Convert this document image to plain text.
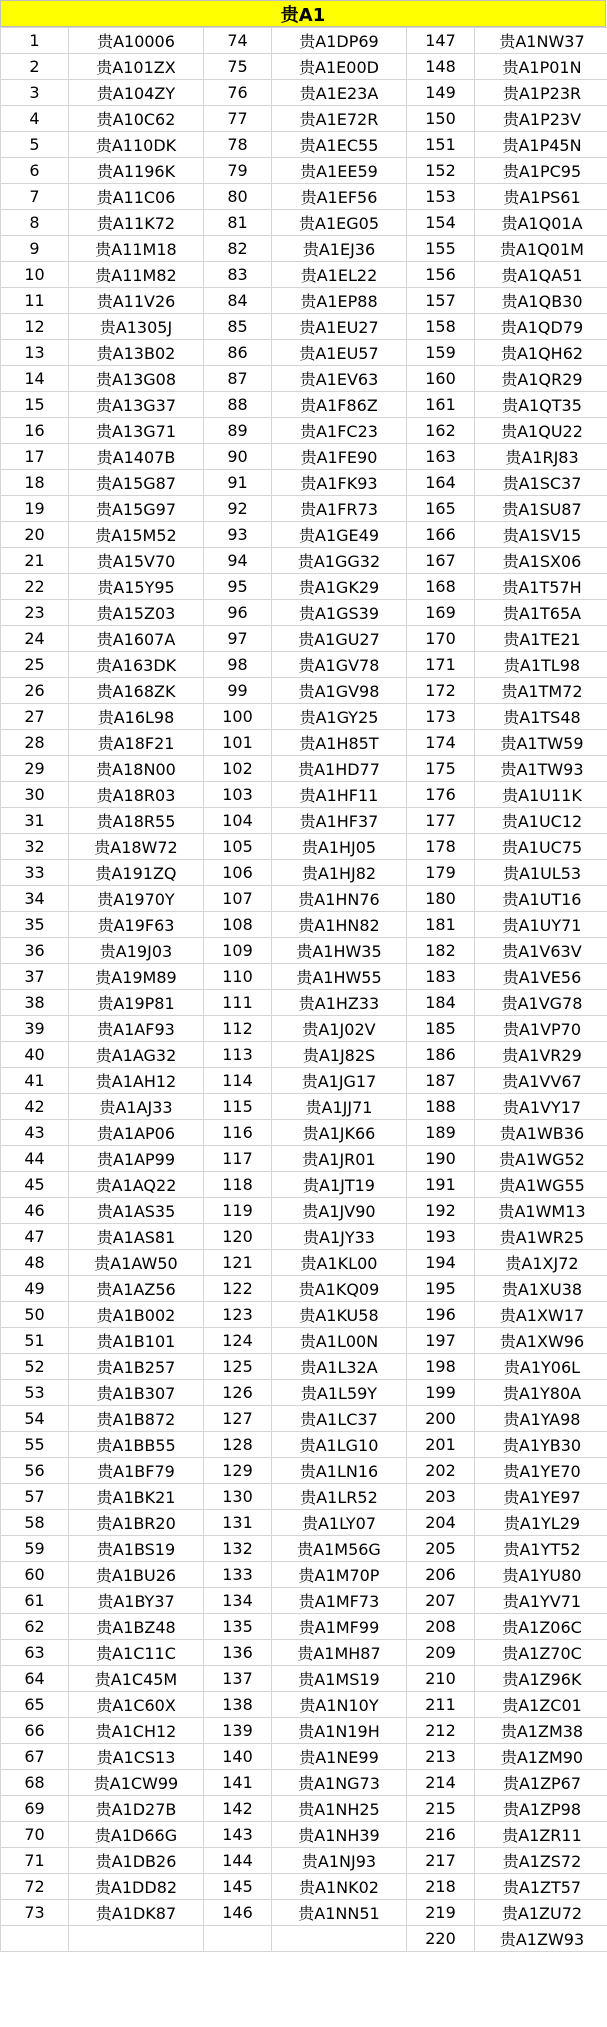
贵A1
1	贵A10006	74	贵A1DP69	147	贵A1NW37
2	贵A101ZX	75	贵A1E00D	148	贵A1P01N
3	贵A104ZY	76	贵A1E23A	149	贵A1P23R
4	贵A10C62	77	贵A1E72R	150	贵A1P23V
5	贵A110DK	78	贵A1EC55	151	贵A1P45N
6	贵A1196K	79	贵A1EE59	152	贵A1PC95
7	贵A11C06	80	贵A1EF56	153	贵A1PS61
8	贵A11K72	81	贵A1EG05	154	贵A1Q01A
9	贵A11M18	82	贵A1EJ36	155	贵A1Q01M
10	贵A11M82	83	贵A1EL22	156	贵A1QA51
11	贵A11V26	84	贵A1EP88	157	贵A1QB30
12	贵A1305J	85	贵A1EU27	158	贵A1QD79
13	贵A13B02	86	贵A1EU57	159	贵A1QH62
14	贵A13G08	87	贵A1EV63	160	贵A1QR29
15	贵A13G37	88	贵A1F86Z	161	贵A1QT35
16	贵A13G71	89	贵A1FC23	162	贵A1QU22
17	贵A1407B	90	贵A1FE90	163	贵A1RJ83
18	贵A15G87	91	贵A1FK93	164	贵A1SC37
19	贵A15G97	92	贵A1FR73	165	贵A1SU87
20	贵A15M52	93	贵A1GE49	166	贵A1SV15
21	贵A15V70	94	贵A1GG32	167	贵A1SX06
22	贵A15Y95	95	贵A1GK29	168	贵A1T57H
23	贵A15Z03	96	贵A1GS39	169	贵A1T65A
24	贵A1607A	97	贵A1GU27	170	贵A1TE21
25	贵A163DK	98	贵A1GV78	171	贵A1TL98
26	贵A168ZK	99	贵A1GV98	172	贵A1TM72
27	贵A16L98	100	贵A1GY25	173	贵A1TS48
28	贵A18F21	101	贵A1H85T	174	贵A1TW59
29	贵A18N00	102	贵A1HD77	175	贵A1TW93
30	贵A18R03	103	贵A1HF11	176	贵A1U11K
31	贵A18R55	104	贵A1HF37	177	贵A1UC12
32	贵A18W72	105	贵A1HJ05	178	贵A1UC75
33	贵A191ZQ	106	贵A1HJ82	179	贵A1UL53
34	贵A1970Y	107	贵A1HN76	180	贵A1UT16
35	贵A19F63	108	贵A1HN82	181	贵A1UY71
36	贵A19J03	109	贵A1HW35	182	贵A1V63V
37	贵A19M89	110	贵A1HW55	183	贵A1VE56
38	贵A19P81	111	贵A1HZ33	184	贵A1VG78
39	贵A1AF93	112	贵A1J02V	185	贵A1VP70
40	贵A1AG32	113	贵A1J82S	186	贵A1VR29
41	贵A1AH12	114	贵A1JG17	187	贵A1VV67
42	贵A1AJ33	115	贵A1JJ71	188	贵A1VY17
43	贵A1AP06	116	贵A1JK66	189	贵A1WB36
44	贵A1AP99	117	贵A1JR01	190	贵A1WG52
45	贵A1AQ22	118	贵A1JT19	191	贵A1WG55
46	贵A1AS35	119	贵A1JV90	192	贵A1WM13
47	贵A1AS81	120	贵A1JY33	193	贵A1WR25
48	贵A1AW50	121	贵A1KL00	194	贵A1XJ72
49	贵A1AZ56	122	贵A1KQ09	195	贵A1XU38
50	贵A1B002	123	贵A1KU58	196	贵A1XW17
51	贵A1B101	124	贵A1L00N	197	贵A1XW96
52	贵A1B257	125	贵A1L32A	198	贵A1Y06L
53	贵A1B307	126	贵A1L59Y	199	贵A1Y80A
54	贵A1B872	127	贵A1LC37	200	贵A1YA98
55	贵A1BB55	128	贵A1LG10	201	贵A1YB30
56	贵A1BF79	129	贵A1LN16	202	贵A1YE70
57	贵A1BK21	130	贵A1LR52	203	贵A1YE97
58	贵A1BR20	131	贵A1LY07	204	贵A1YL29
59	贵A1BS19	132	贵A1M56G	205	贵A1YT52
60	贵A1BU26	133	贵A1M70P	206	贵A1YU80
61	贵A1BY37	134	贵A1MF73	207	贵A1YV71
62	贵A1BZ48	135	贵A1MF99	208	贵A1Z06C
63	贵A1C11C	136	贵A1MH87	209	贵A1Z70C
64	贵A1C45M	137	贵A1MS19	210	贵A1Z96K
65	贵A1C60X	138	贵A1N10Y	211	贵A1ZC01
66	贵A1CH12	139	贵A1N19H	212	贵A1ZM38
67	贵A1CS13	140	贵A1NE99	213	贵A1ZM90
68	贵A1CW99	141	贵A1NG73	214	贵A1ZP67
69	贵A1D27B	142	贵A1NH25	215	贵A1ZP98
70	贵A1D66G	143	贵A1NH39	216	贵A1ZR11
71	贵A1DB26	144	贵A1NJ93	217	贵A1ZS72
72	贵A1DD82	145	贵A1NK02	218	贵A1ZT57
73	贵A1DK87	146	贵A1NN51	219	贵A1ZU72
				220	贵A1ZW93
